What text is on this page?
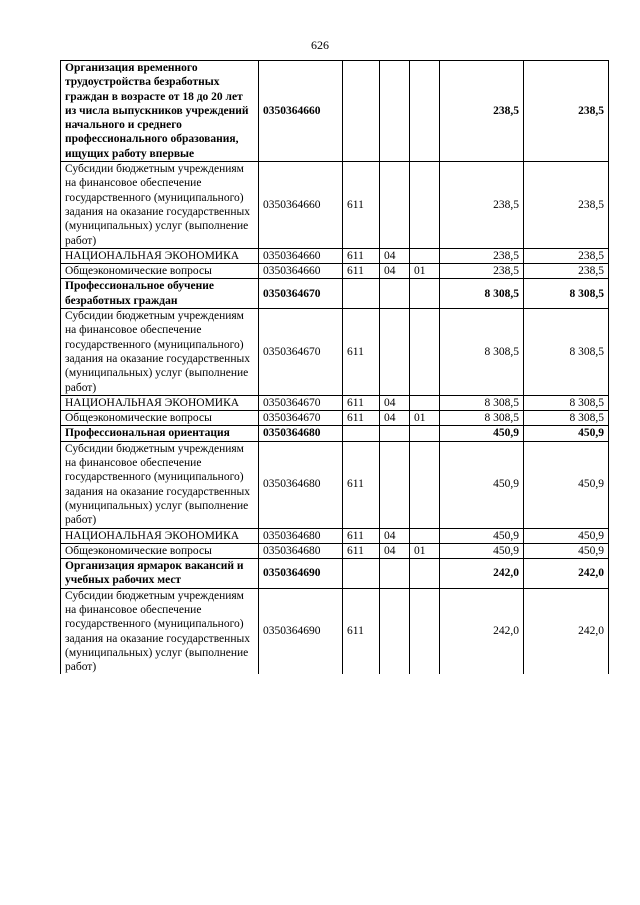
626
Организация временного трудоустройства безработных граждан в возрасте от 18 до 20 лет из числа выпускников учреждений начального и среднего профессионального образования, ищущих работу впервые	0350364660				238,5	238,5
Субсидии бюджетным учреждениям на финансовое обеспечение государственного (муниципального) задания на оказание государственных (муниципальных) услуг (выполнение работ)	0350364660	611			238,5	238,5
НАЦИОНАЛЬНАЯ ЭКОНОМИКА	0350364660	611	04		238,5	238,5
Общеэкономические вопросы	0350364660	611	04	01	238,5	238,5
Профессиональное обучение безработных граждан	0350364670				8 308,5	8 308,5
Субсидии бюджетным учреждениям на финансовое обеспечение государственного (муниципального) задания на оказание государственных (муниципальных) услуг (выполнение работ)	0350364670	611			8 308,5	8 308,5
НАЦИОНАЛЬНАЯ ЭКОНОМИКА	0350364670	611	04		8 308,5	8 308,5
Общеэкономические вопросы	0350364670	611	04	01	8 308,5	8 308,5
Профессиональная ориентация	0350364680				450,9	450,9
Субсидии бюджетным учреждениям на финансовое обеспечение государственного (муниципального) задания на оказание государственных (муниципальных) услуг (выполнение работ)	0350364680	611			450,9	450,9
НАЦИОНАЛЬНАЯ ЭКОНОМИКА	0350364680	611	04		450,9	450,9
Общеэкономические вопросы	0350364680	611	04	01	450,9	450,9
Организация ярмарок вакансий и учебных рабочих мест	0350364690				242,0	242,0
Субсидии бюджетным учреждениям на финансовое обеспечение государственного (муниципального) задания на оказание государственных (муниципальных) услуг (выполнение работ)	0350364690	611			242,0	242,0
